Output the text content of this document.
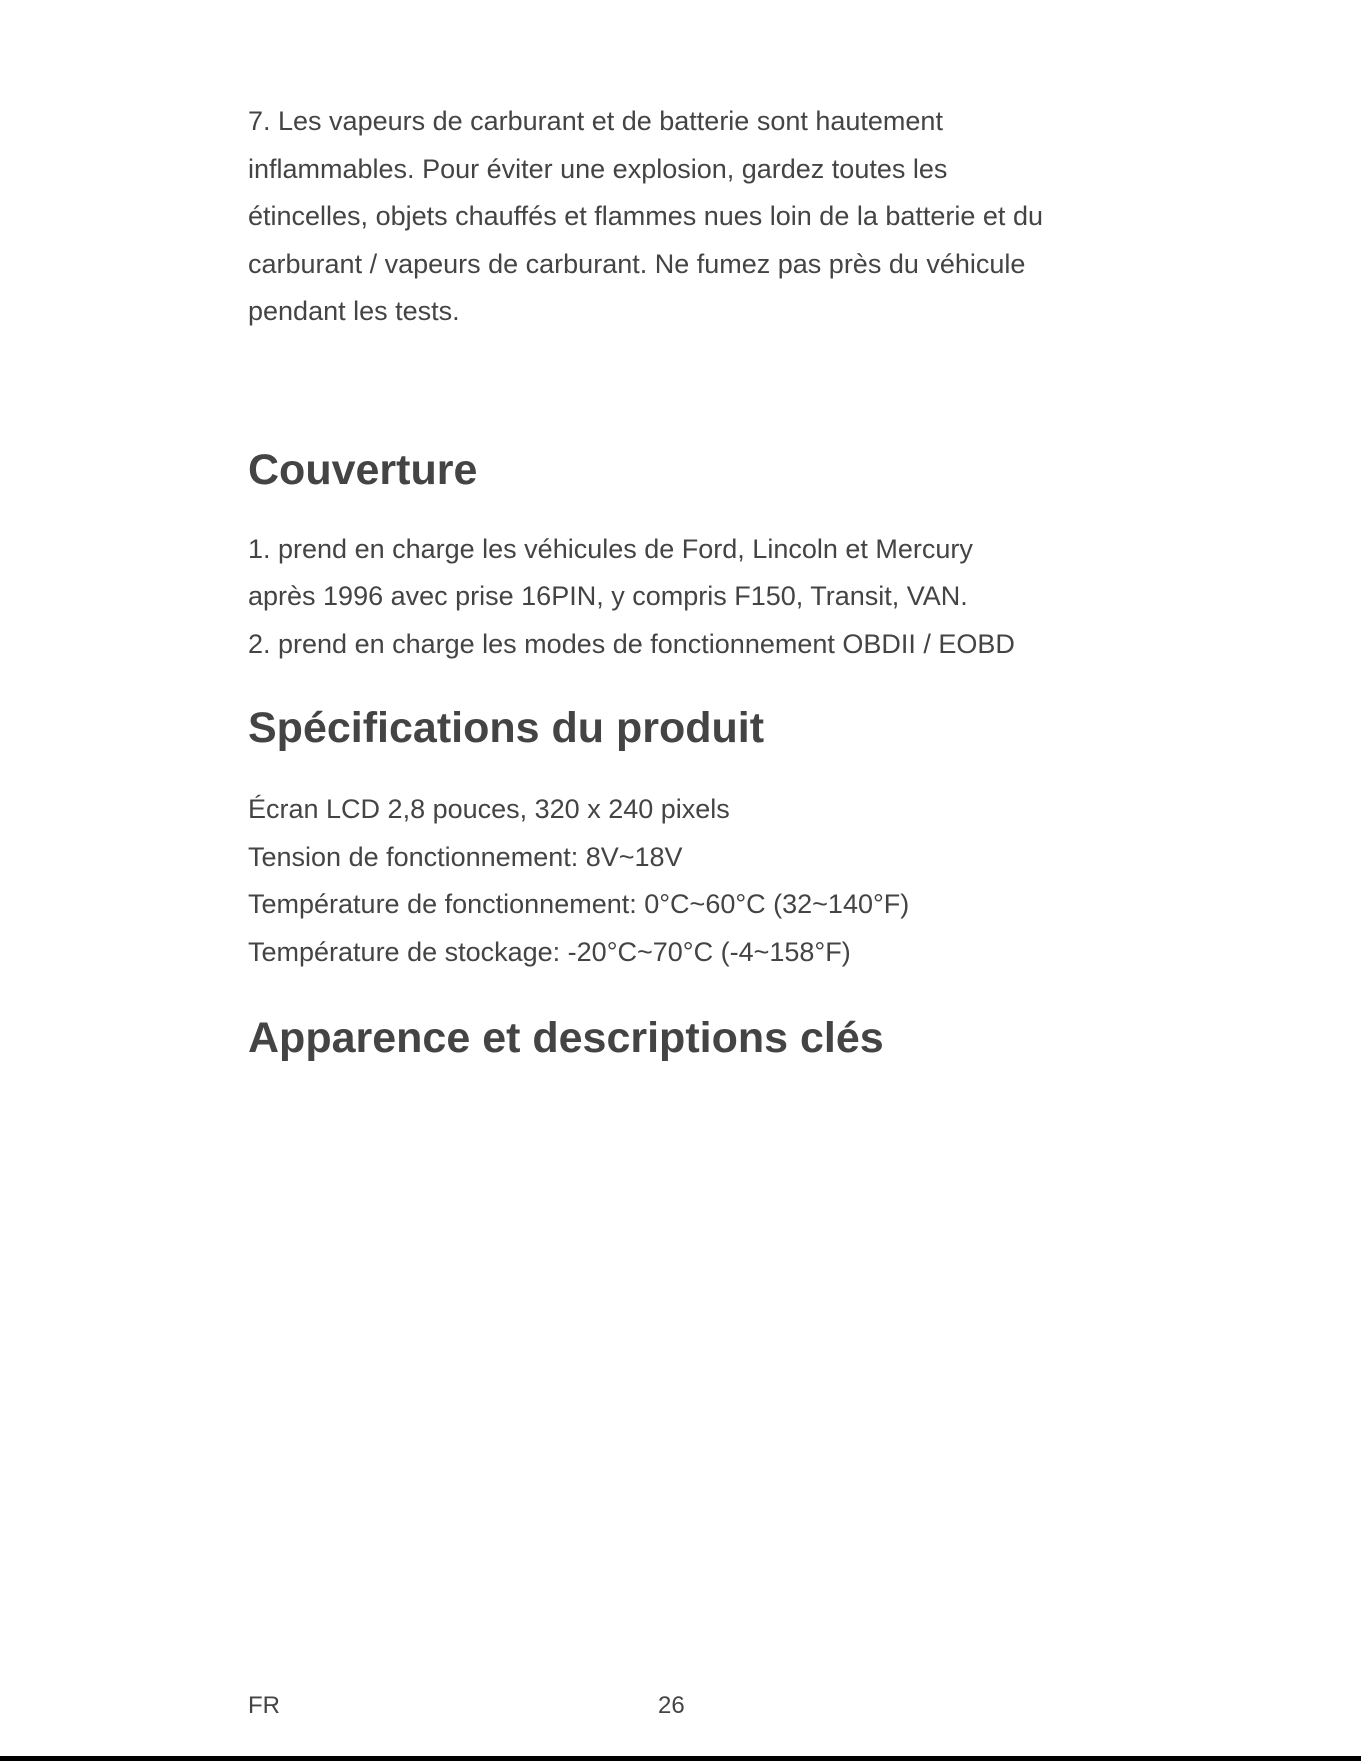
7. Les vapeurs de carburant et de batterie sont hautement

inflammables. Pour éviter une explosion, gardez toutes les

étincelles, objets chauffés et flammes nues loin de la batterie et du

carburant / vapeurs de carburant. Ne fumez pas près du véhicule

pendant les tests.

Couverture

1. prend en charge les véhicules de Ford, Lincoln et Mercury

après 1996 avec prise 16PIN, y compris F150, Transit, VAN.

2. prend en charge les modes de fonctionnement OBDII / EOBD

Spécifications du produit

Écran LCD 2,8 pouces, 320 x 240 pixels

Tension de fonctionnement: 8V~18V

Température de fonctionnement: 0°C~60°C (32~140°F)

Température de stockage: -20°C~70°C (-4~158°F)

Apparence et descriptions clés

FR	26
